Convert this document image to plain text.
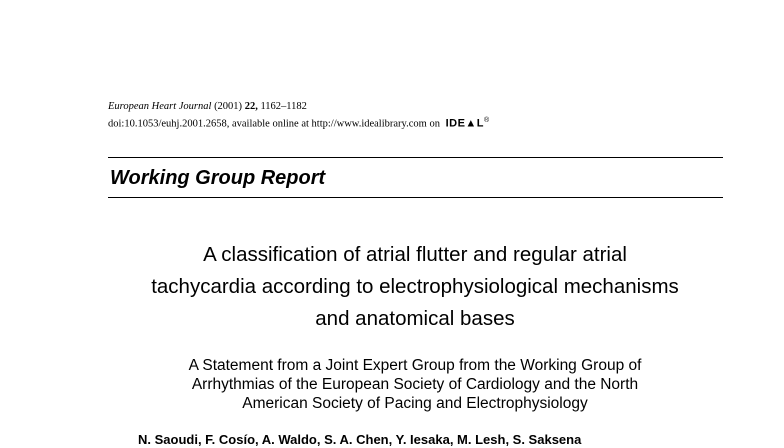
European Heart Journal (2001) 22, 1162–1182
doi:10.1053/euhj.2001.2658, available online at http://www.idealibrary.com on IDE▲L®
Working Group Report
A classification of atrial flutter and regular atrial
tachycardia according to electrophysiological mechanisms
and anatomical bases
A Statement from a Joint Expert Group from the Working Group of
Arrhythmias of the European Society of Cardiology and the North
American Society of Pacing and Electrophysiology
N. Saoudi, F. Cosío, A. Waldo, S. A. Chen, Y. Iesaka, M. Lesh, S. Saksena
